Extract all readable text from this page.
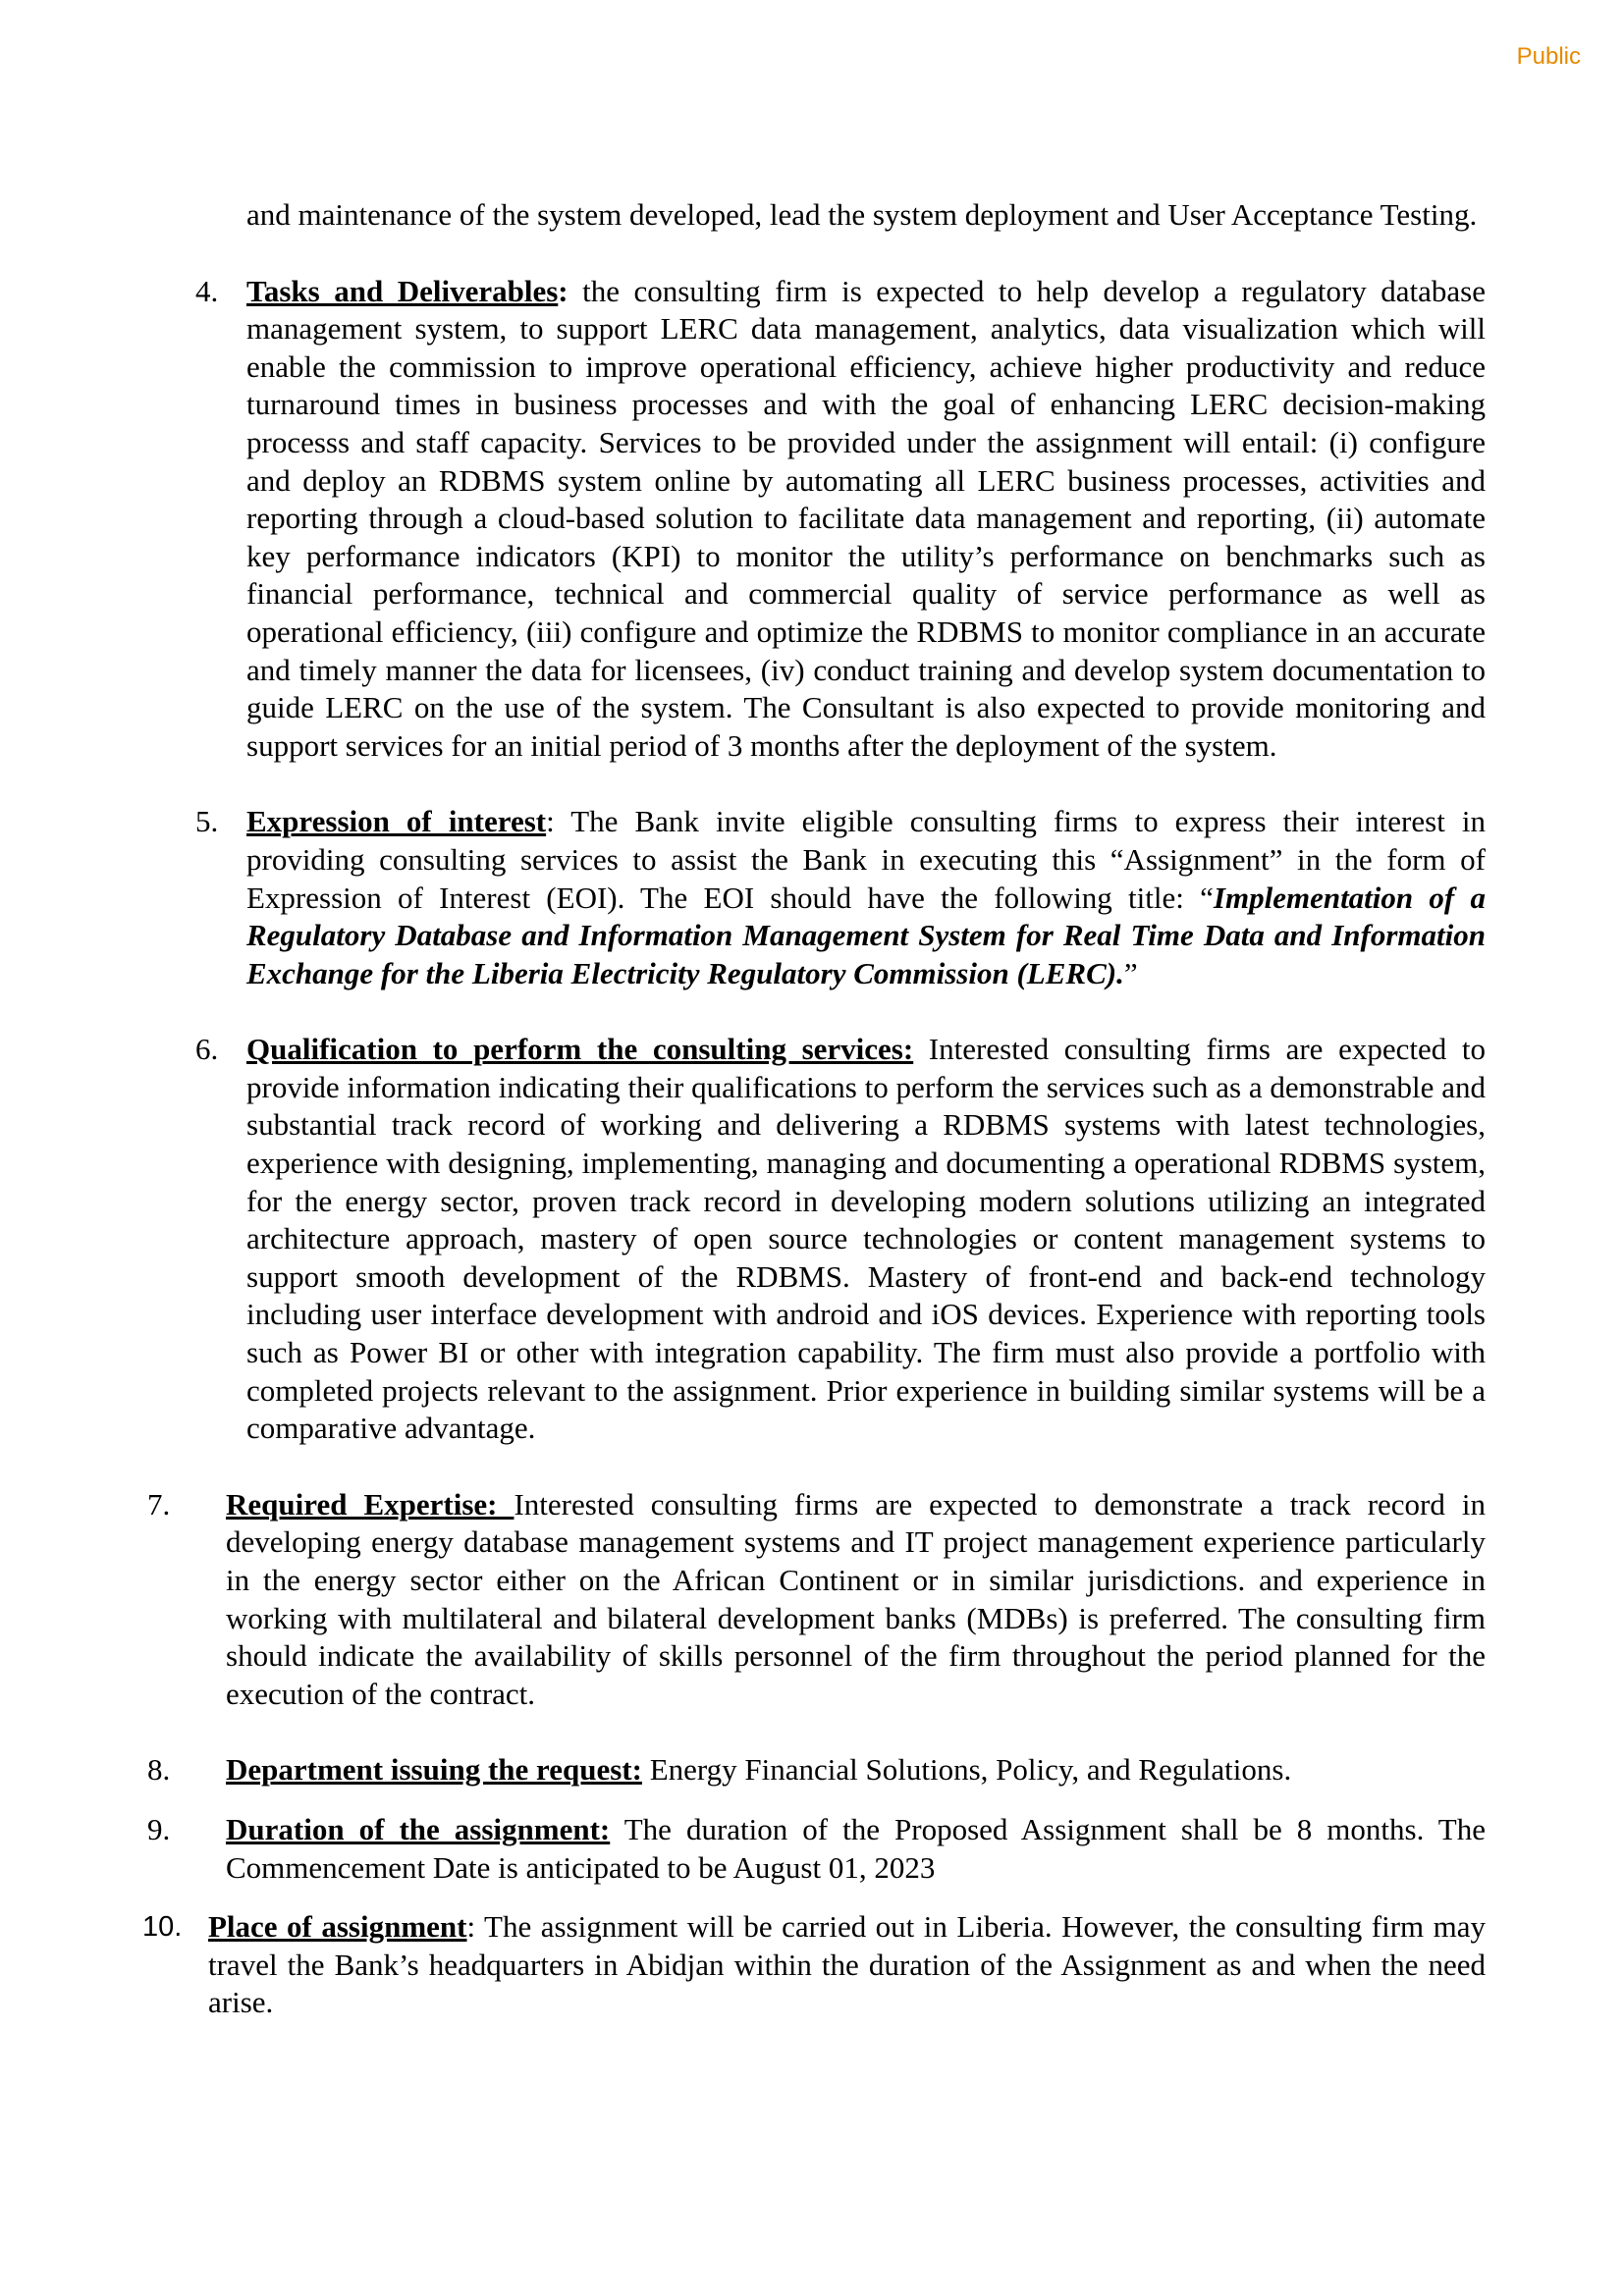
Public

and maintenance of the system developed, lead the system deployment and User Acceptance Testing.

4. Tasks and Deliverables: the consulting firm is expected to help develop a regulatory database management system, to support LERC data management, analytics, data visualization which will enable the commission to improve operational efficiency, achieve higher productivity and reduce turnaround times in business processes and with the goal of enhancing LERC decision-making processs and staff capacity. Services to be provided under the assignment will entail: (i) configure and deploy an RDBMS system online by automating all LERC business processes, activities and reporting through a cloud-based solution to facilitate data management and reporting, (ii) automate key performance indicators (KPI) to monitor the utility’s performance on benchmarks such as financial performance, technical and commercial quality of service performance as well as operational efficiency, (iii) configure and optimize the RDBMS to monitor compliance in an accurate and timely manner the data for licensees, (iv) conduct training and develop system documentation to guide LERC on the use of the system. The Consultant is also expected to provide monitoring and support services for an initial period of 3 months after the deployment of the system.

5. Expression of interest: The Bank invite eligible consulting firms to express their interest in providing consulting services to assist the Bank in executing this “Assignment” in the form of Expression of Interest (EOI). The EOI should have the following title: “Implementation of a Regulatory Database and Information Management System for Real Time Data and Information Exchange for the Liberia Electricity Regulatory Commission (LERC).”

6. Qualification to perform the consulting services: Interested consulting firms are expected to provide information indicating their qualifications to perform the services such as a demonstrable and substantial track record of working and delivering a RDBMS systems with latest technologies, experience with designing, implementing, managing and documenting a operational RDBMS system, for the energy sector, proven track record in developing modern solutions utilizing an integrated architecture approach, mastery of open source technologies or content management systems to support smooth development of the RDBMS. Mastery of front-end and back-end technology including user interface development with android and iOS devices. Experience with reporting tools such as Power BI or other with integration capability. The firm must also provide a portfolio with completed projects relevant to the assignment. Prior experience in building similar systems will be a comparative advantage.

7. Required Expertise: Interested consulting firms are expected to demonstrate a track record in developing energy database management systems and IT project management experience particularly in the energy sector either on the African Continent or in similar jurisdictions. and experience in working with multilateral and bilateral development banks (MDBs) is preferred. The consulting firm should indicate the availability of skills personnel of the firm throughout the period planned for the execution of the contract.

8. Department issuing the request: Energy Financial Solutions, Policy, and Regulations.

9. Duration of the assignment: The duration of the Proposed Assignment shall be 8 months. The Commencement Date is anticipated to be August 01, 2023

10. Place of assignment: The assignment will be carried out in Liberia. However, the consulting firm may travel the Bank’s headquarters in Abidjan within the duration of the Assignment as and when the need arise.
